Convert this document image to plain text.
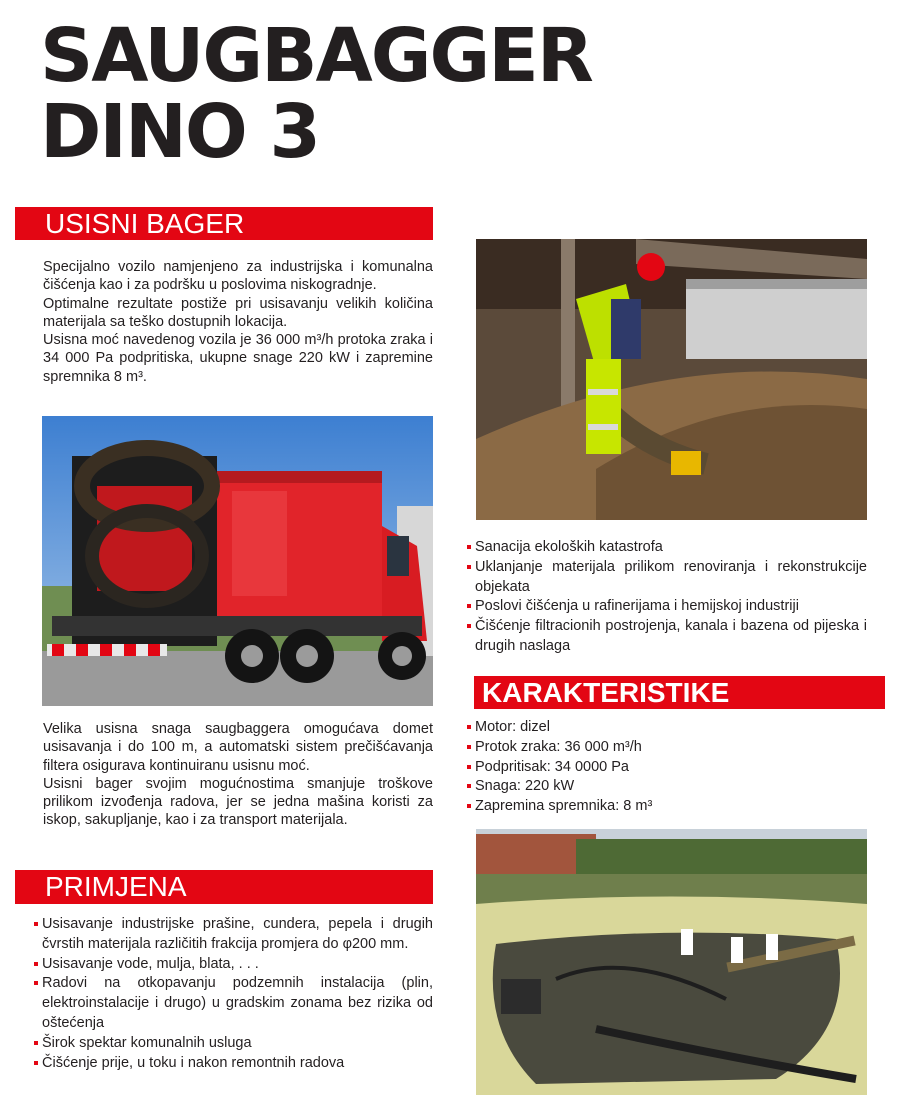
SAUGBAGGER
DINO 3
USISNI BAGER
Specijalno vozilo namjenjeno za industrijska i komunalna čišćenja kao i za podršku u poslovima niskogradnje.
Optimalne rezultate postiže pri usisavanju velikih količina materijala sa teško dostupnih lokacija.
Usisna moć navedenog vozila je 36 000 m³/h protoka zraka i 34 000 Pa podpritiska, ukupne snage 220 kW i zapremine spremnika 8 m³.
Velika usisna snaga saugbaggera omogućava domet usisavanja i do 100 m, a automatski sistem prečišćavanja filtera osigurava kontinuiranu usisnu moć.
Usisni bager svojim mogućnostima smanjuje troškove prilikom izvođenja radova, jer se jedna mašina koristi za iskop, sakupljanje, kao i za transport materijala.
PRIMJENA
Usisavanje industrijske prašine, cundera, pepela i drugih čvrstih materijala različitih frakcija promjera do φ200 mm.
Usisavanje vode, mulja, blata, . . .
Radovi na otkopavanju podzemnih instalacija (plin, elektroinstalacije i drugo) u gradskim zonama bez rizika od oštećenja
Širok spektar komunalnih usluga
Čišćenje prije, u toku i nakon remontnih radova
Sanacija ekoloških katastrofa
Uklanjanje materijala prilikom renoviranja i rekonstrukcije objekata
Poslovi čišćenja u rafinerijama i hemijskoj industriji
Čišćenje filtracionih postrojenja, kanala i bazena od pijeska i drugih naslaga
KARAKTERISTIKE
Motor: dizel
Protok zraka: 36 000 m³/h
Podpritisak: 34 0000 Pa
Snaga: 220 kW
Zapremina spremnika: 8 m³
